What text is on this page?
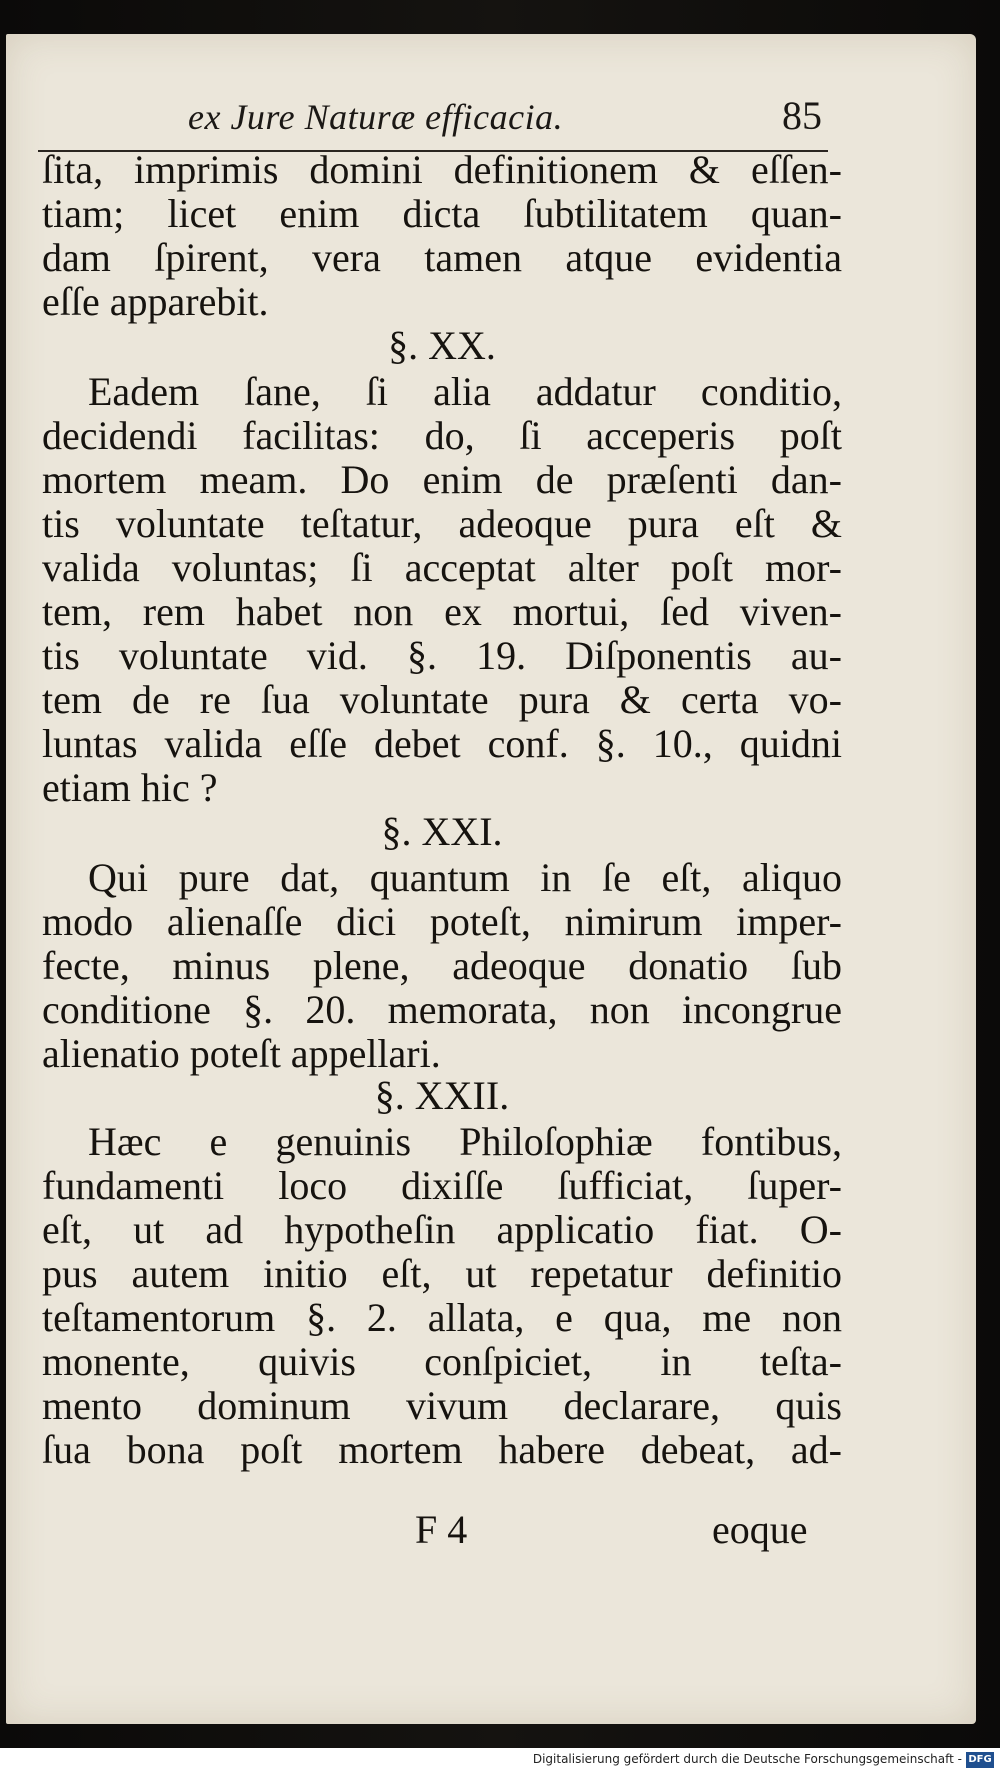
ex Jure Naturæ efficacia.	85
ſita, imprimis domini definitionem & eſſen-
tiam; licet enim dicta ſubtilitatem quan-
dam ſpirent, vera tamen atque evidentia
eſſe apparebit.
§. XX.
Eadem ſane, ſi alia addatur conditio,
decidendi facilitas: do, ſi acceperis poſt
mortem meam. Do enim de præſenti dan-
tis voluntate teſtatur, adeoque pura eſt &
valida voluntas; ſi acceptat alter poſt mor-
tem, rem habet non ex mortui, ſed viven-
tis voluntate vid. §. 19. Diſponentis au-
tem de re ſua voluntate pura & certa vo-
luntas valida eſſe debet conf. §. 10., quidni
etiam hic ?
§. XXI.
Qui pure dat, quantum in ſe eſt, aliquo
modo alienaſſe dici poteſt, nimirum imper-
fecte, minus plene, adeoque donatio ſub
conditione §. 20. memorata, non incongrue
alienatio poteſt appellari.
§. XXII.
Hæc e genuinis Philoſophiæ fontibus,
fundamenti loco dixiſſe ſufficiat, ſuper-
eſt, ut ad hypotheſin applicatio fiat. O-
pus autem initio eſt, ut repetatur definitio
teſtamentorum §. 2. allata, e qua, me non
monente, quivis conſpiciet, in teſta-
mento dominum vivum declarare, quis
ſua bona poſt mortem habere debeat, ad-
F 4	eoque
Digitalisierung gefördert durch die Deutsche Forschungsgemeinschaft - DFG
